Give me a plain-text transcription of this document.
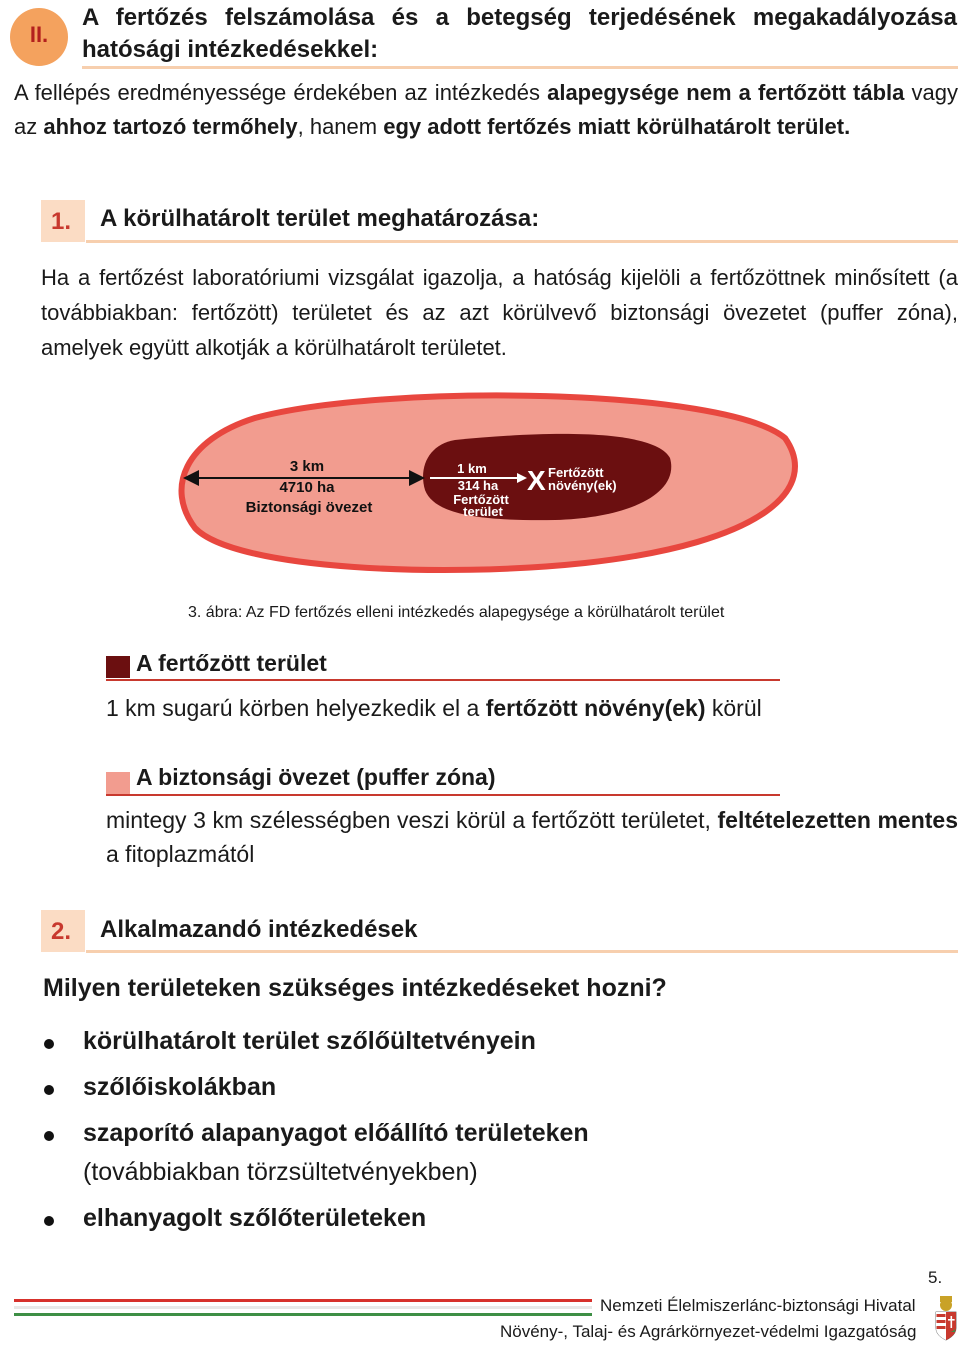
II.
A fertőzés felszámolása és a betegség terjedésének megakadályozása hatósági intézkedésekkel:
A fellépés eredményessége érdekében az intézkedés alapegysége nem a fertőzött tábla vagy az ahhoz tartozó termőhely, hanem egy adott fertőzés miatt körülhatárolt terület.
1. A körülhatárolt terület meghatározása:
Ha a fertőzést laboratóriumi vizsgálat igazolja, a hatóság kijelöli a fertőzöttnek minősített (a továbbiakban: fertőzött) területet és az azt körülvevő biztonsági övezetet (puffer zóna), amelyek együtt alkotják a körülhatárolt területet.
3 km
4710 ha
Biztonsági övezet
1 km
314 ha
Fertőzött
terület
X Fertőzött
növény(ek)
3. ábra: Az FD fertőzés elleni intézkedés alapegysége a körülhatárolt terület
A fertőzött terület
1 km sugarú körben helyezkedik el a fertőzött növény(ek) körül
A biztonsági övezet (puffer zóna)
mintegy 3 km szélességben veszi körül a fertőzött területet, feltételezetten mentes a fitoplazmától
2. Alkalmazandó intézkedések
Milyen területeken szükséges intézkedéseket hozni?
körülhatárolt terület szőlőültetvényein
szőlőiskolákban
szaporító alapanyagot előállító területeken
(továbbiakban törzsültetvényekben)
elhanyagolt szőlőterületeken
5.
Nemzeti Élelmiszerlánc-biztonsági Hivatal
Növény-, Talaj- és Agrárkörnyezet-védelmi Igazgatóság
